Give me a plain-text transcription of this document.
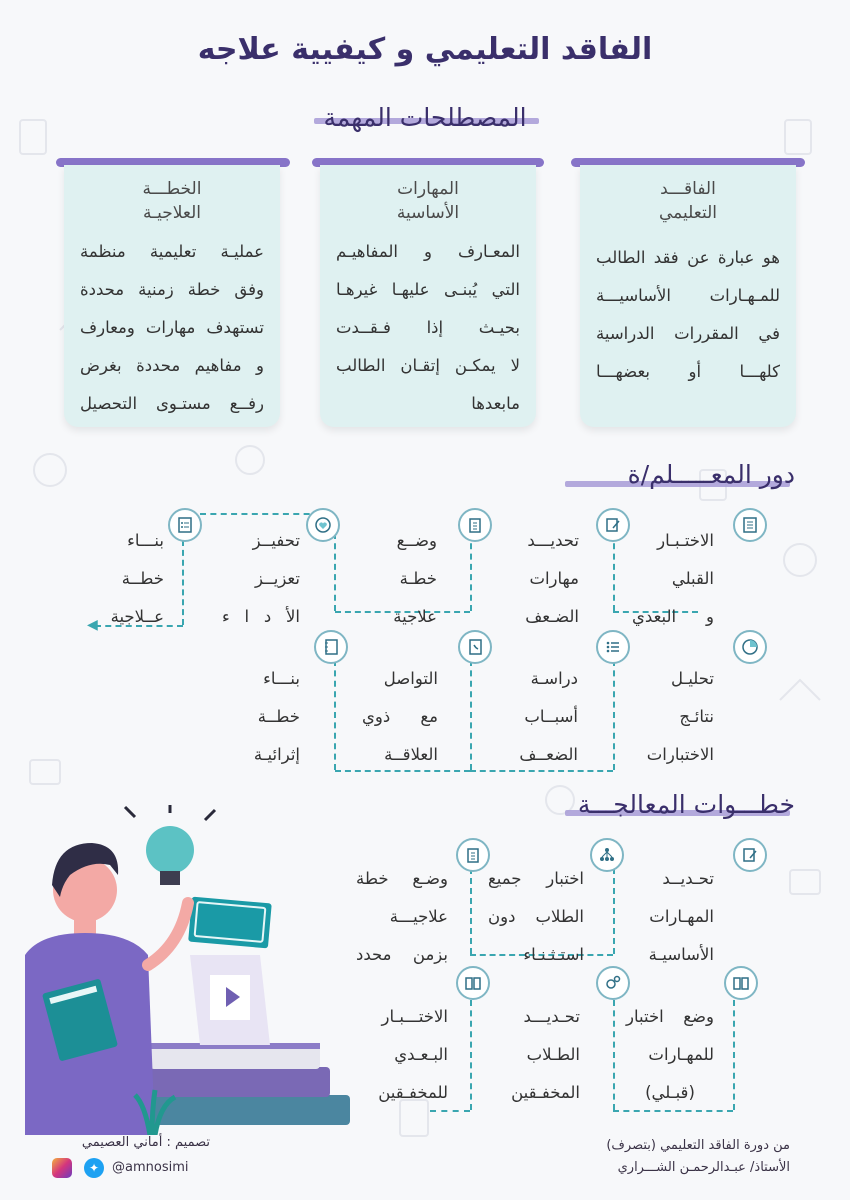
الفاقد التعليمي و كيفيية علاجه
المصطلحات المهمة
الفاقـــد
التعليمي

هو عبارة عن فقد الطالب

للمـهـارات الأساسيـــة

في المقررات الدراسية

كلهـــا أو بعضهـــا

المهارات
الأساسية

المعـارف و المفاهيـم

التي يُبنـى عليهـا غيرهـا

بحيـث إذا فـقــدت

لا يمكـن إتقـان الطالب

مابعدها

الخطـــة
العلاجيـة

عمليـة تعليمية منظمة

وفق خطة زمنية محددة

تستهدف مهارات ومعارف

و مفاهيم محددة بغرض

رفــع مستـوى التحصيل

دور المعـــــلم/ة
◀

الاختـبـار

القبلي

و البعدي

تحديـــد

مهارات

الضـعف

وضــع

خطـة

علاجية

تحفيــز

تعزيــز

الأ د ا ء

بنـــاء

خطــة

عــلاجية

تحليـل

نتائـج

الاختبارات

دراسـة

أسبــاب

الضعــف

التواصل

مع ذوي

العلاقــة

بنـــاء

خطــة

إثرائيـة

خطـــوات المعالجـــة

تحـديــد

المهـارات

الأساسيـة

اختبار جميع

الطلاب دون

استـثـنـاء

وضـع خطة

علاجيـــة

بزمن محدد

وضع اختبار

للمهـارات

(قبـلي)

تحـديـــد

الطـلاب

المخفـقين

الاختـــبـار

البـعـدي

للمخفـقين

تصميم : أماني العصيمي
✦ @amnosimi
من دورة الفاقد التعليمي (بتصرف)
الأستاذ/ عبـدالرحمـن الشـــراري
